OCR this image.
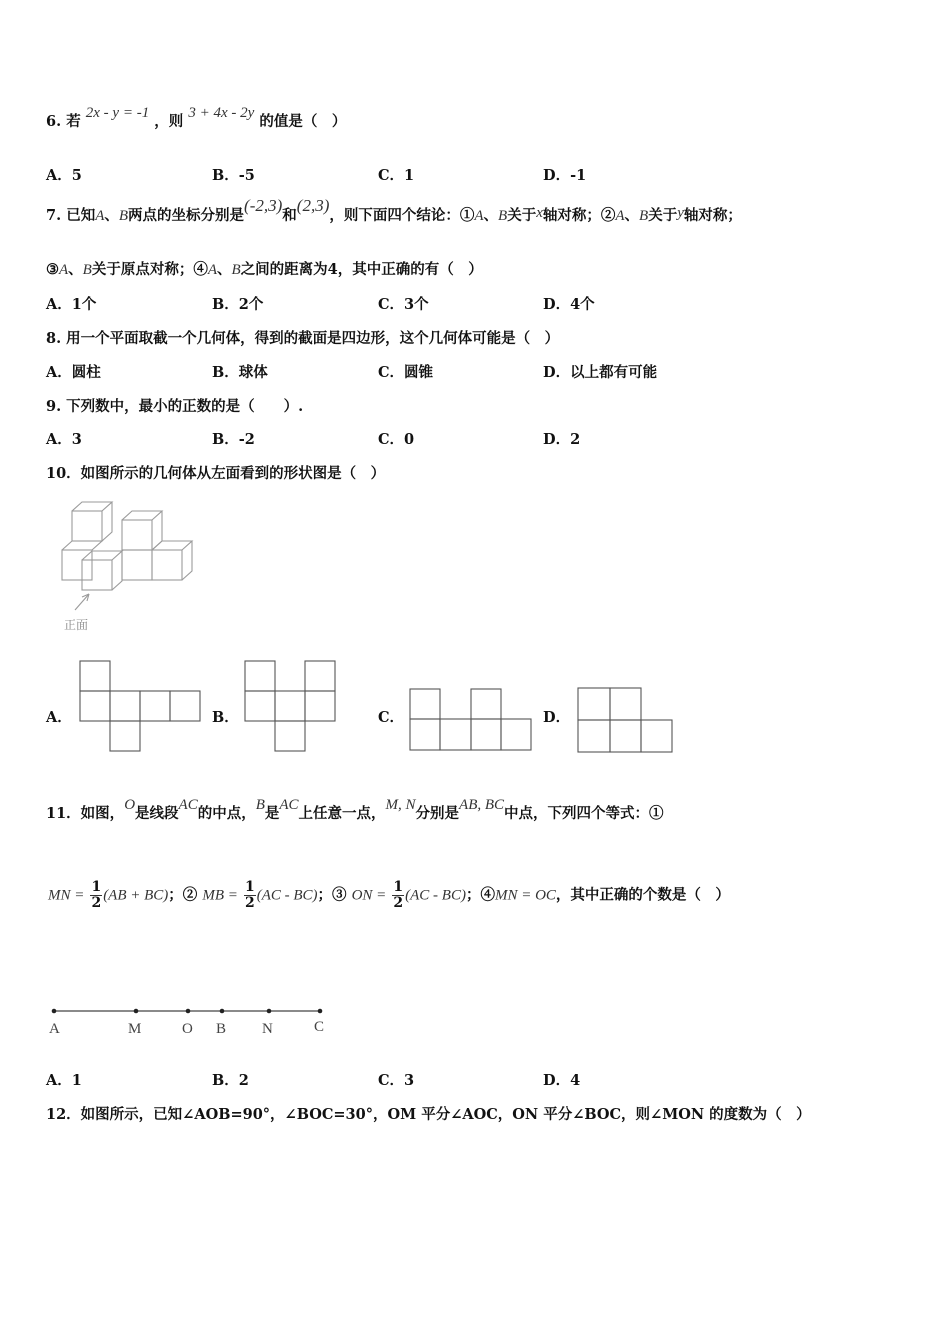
6. 若 2x - y = -1 ，则 3 + 4x - 2y 的值是（　）
A．5	B．-5	C．1	D．-1
7. 已知A、B两点的坐标分别是(-2,3)和(2,3)，则下面四个结论：①A、B关于x轴对称；②A、B关于y轴对称；
③A、B关于原点对称；④A、B之间的距离为4，其中正确的有（　）
A．1个	B．2个	C．3个	D．4个
8. 用一个平面取截一个几何体，得到的截面是四边形，这个几何体可能是（　）
A．圆柱	B．球体	C．圆锥	D．以上都有可能
9. 下列数中，最小的正数的是（　　）.
A．3	B．-2	C．0	D．2
10．如图所示的几何体从左面看到的形状图是（　）
正面
A．	B．	C．	D．
11．如图，O是线段AC的中点，B是AC上任意一点，M, N分别是AB, BC中点，下列四个等式：①
MN = $\frac{1}{2} (AB + BC)$；② MB = $\frac{1}{2} (AC - BC)$；③ ON = $\frac{1}{2} (AC - BC)$；④MN = OC，其中正确的个数是（　）
A	M	O B N	C
A．1	B．2	C．3	D．4
12．如图所示，已知∠AOB=90°，∠BOC=30°，OM 平分∠AOC，ON 平分∠BOC，则∠MON 的度数为（　）
